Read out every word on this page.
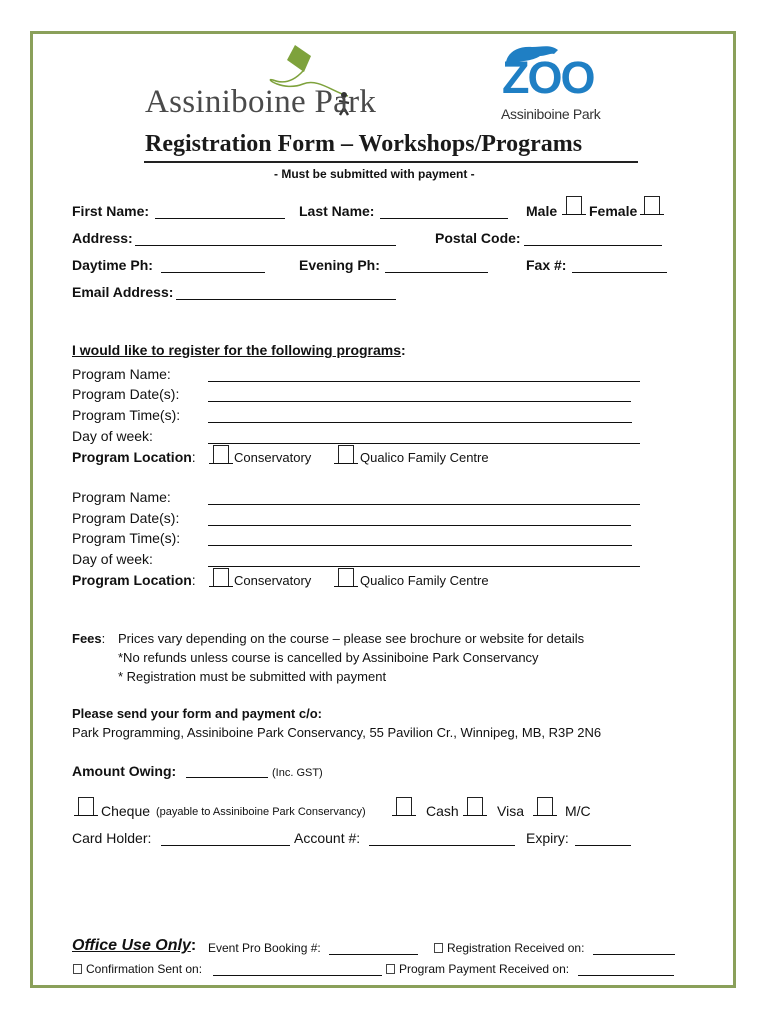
Assiniboine Park	ZOO
Assiniboine Park
Registration Form – Workshops/Programs
- Must be submitted with payment -
First Name:	Last Name:	Male Female
Address:	Postal Code:
Daytime Ph:	Evening Ph:	Fax #:
Email Address:
I would like to register for the following programs:
Program Name:
Program Date(s):
Program Time(s):
Day of week:
Program Location:	Conservatory	Qualico Family Centre
Program Name:
Program Date(s):
Program Time(s):
Day of week:
Program Location:	Conservatory	Qualico Family Centre
Fees: Prices vary depending on the course – please see brochure or website for details
*No refunds unless course is cancelled by Assiniboine Park Conservancy
* Registration must be submitted with payment
Please send your form and payment c/o:
Park Programming, Assiniboine Park Conservancy, 55 Pavilion Cr., Winnipeg, MB, R3P 2N6
Amount Owing:	(Inc. GST)
Cheque (payable to Assiniboine Park Conservancy)	Cash	Visa	M/C
Card Holder:	Account #:	Expiry:
Office Use Only: Event Pro Booking #:	Registration Received on:
Confirmation Sent on:	Program Payment Received on:
